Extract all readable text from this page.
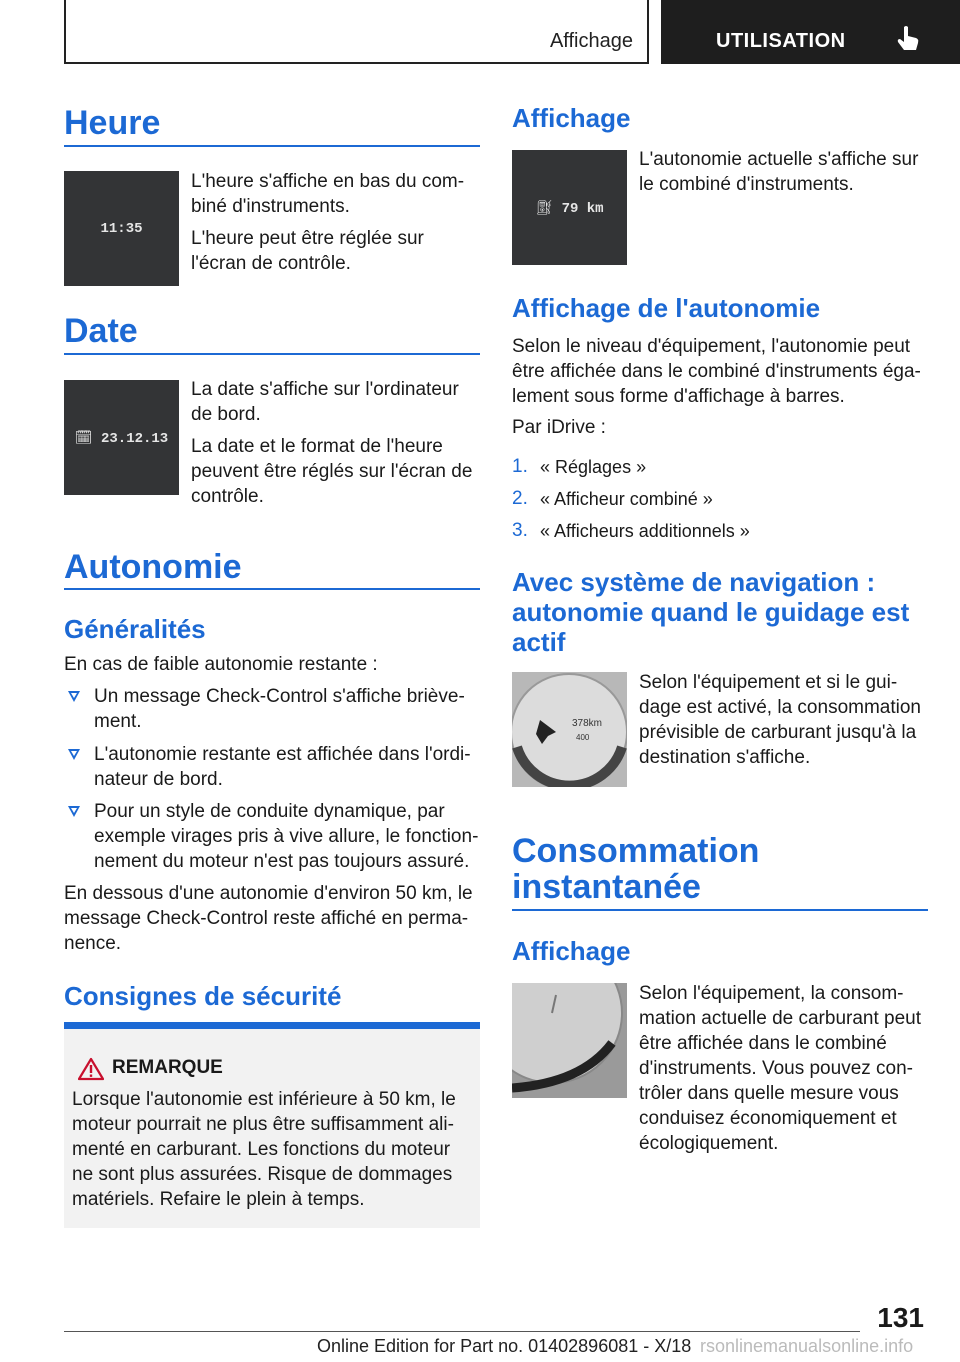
Affichage	UTILISATION
Heure
11:35

L'heure s'affiche en bas du com-
biné d'instruments.

L'heure peut être réglée sur
l'écran de contrôle.

Date
🗓︎ 23.12.13

La date s'affiche sur l'ordinateur
de bord.

La date et le format de l'heure
peuvent être réglés sur l'écran de
contrôle.

Autonomie
Généralités

En cas de faible autonomie restante :

Un message Check-Control s'affiche briève-
ment.

L'autonomie restante est affichée dans l'ordi-
nateur de bord.

Pour un style de conduite dynamique, par
exemple virages pris à vive allure, le fonction-
nement du moteur n'est pas toujours assuré.

En dessous d'une autonomie d'environ 50 km, le
message Check-Control reste affiché en perma-
nence.

Consignes de sécurité
REMARQUE

Lorsque l'autonomie est inférieure à 50 km, le
moteur pourrait ne plus être suffisamment ali-
menté en carburant. Les fonctions du moteur
ne sont plus assurées. Risque de dommages
matériels. Refaire le plein à temps.

Affichage
⛽︎ 79 km

L'autonomie actuelle s'affiche sur
le combiné d'instruments.

Affichage de l'autonomie

Selon le niveau d'équipement, l'autonomie peut
être affichée dans le combiné d'instruments éga-
lement sous forme d'affichage à barres.

Par iDrive :

1. « Réglages »
2. « Afficheur combiné »
3. « Afficheurs additionnels »
Avec système de navigation :
autonomie quand le guidage est
actif
378km
400

Selon l'équipement et si le gui-
dage est activé, la consommation
prévisible de carburant jusqu'à la
destination s'affiche.

Consommation
instantanée
Affichage

Selon l'équipement, la consom-
mation actuelle de carburant peut
être affichée dans le combiné
d'instruments. Vous pouvez con-
trôler dans quelle mesure vous
conduisez économiquement et écologiquement.

131
rsonlinemanualsonline.info
Online Edition for Part no. 01402896081 - X/18
